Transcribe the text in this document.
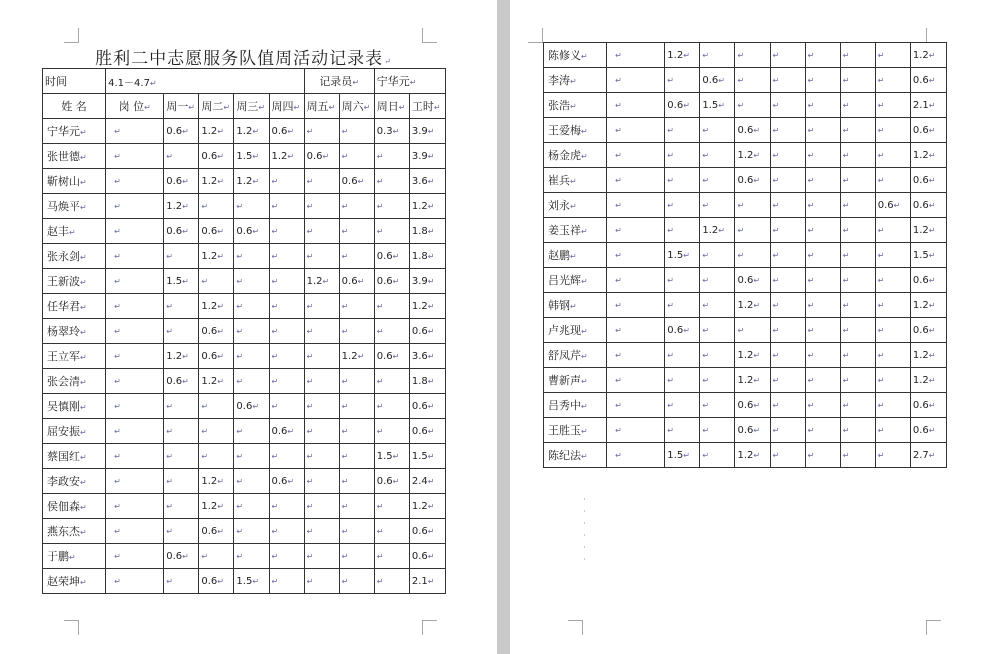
胜利二中志愿服务队值周活动记录表↵
时间	4.1－4.7↵					记录员↵		宁华元↵	
姓 名	岗 位↵	周一↵	周二↵	周三↵	周四↵	周五↵	周六↵	周日↵	工时↵
宁华元↵	↵	0.6↵	1.2↵	1.2↵	0.6↵	↵	↵	0.3↵	3.9↵
张世德↵	↵	↵	0.6↵	1.5↵	1.2↵	0.6↵	↵	↵	3.9↵
靳树山↵	↵	0.6↵	1.2↵	1.2↵	↵	↵	0.6↵	↵	3.6↵
马焕平↵	↵	1.2↵	↵	↵	↵	↵	↵	↵	1.2↵
赵丰↵	↵	0.6↵	0.6↵	0.6↵	↵	↵	↵	↵	1.8↵
张永剑↵	↵	↵	1.2↵	↵	↵	↵	↵	0.6↵	1.8↵
王新波↵	↵	1.5↵	↵	↵	↵	1.2↵	0.6↵	0.6↵	3.9↵
任华君↵	↵	↵	1.2↵	↵	↵	↵	↵	↵	1.2↵
杨翠玲↵	↵	↵	0.6↵	↵	↵	↵	↵	↵	0.6↵
王立军↵	↵	1.2↵	0.6↵	↵	↵	↵	1.2↵	0.6↵	3.6↵
张会清↵	↵	0.6↵	1.2↵	↵	↵	↵	↵	↵	1.8↵
吴慎刚↵	↵	↵	↵	0.6↵	↵	↵	↵	↵	0.6↵
屈安振↵	↵	↵	↵	↵	0.6↵	↵	↵	↵	0.6↵
蔡国红↵	↵	↵	↵	↵	↵	↵	↵	1.5↵	1.5↵
李政安↵	↵	↵	1.2↵	↵	0.6↵	↵	↵	0.6↵	2.4↵
侯佃森↵	↵	↵	1.2↵	↵	↵	↵	↵	↵	1.2↵
燕东杰↵	↵	↵	0.6↵	↵	↵	↵	↵	↵	0.6↵
于鹏↵	↵	0.6↵	↵	↵	↵	↵	↵	↵	0.6↵
赵荣坤↵	↵	↵	0.6↵	1.5↵	↵	↵	↵	↵	2.1↵
陈修义↵	↵	1.2↵	↵	↵	↵	↵	↵	↵	1.2↵
李涛↵	↵	↵	0.6↵	↵	↵	↵	↵	↵	0.6↵
张浩↵	↵	0.6↵	1.5↵	↵	↵	↵	↵	↵	2.1↵
王爱梅↵	↵	↵	↵	0.6↵	↵	↵	↵	↵	0.6↵
杨金虎↵	↵	↵	↵	1.2↵	↵	↵	↵	↵	1.2↵
崔兵↵	↵	↵	↵	0.6↵	↵	↵	↵	↵	0.6↵
刘永↵	↵	↵	↵	↵	↵	↵	↵	0.6↵	0.6↵
姜玉祥↵	↵	↵	1.2↵	↵	↵	↵	↵	↵	1.2↵
赵鹏↵	↵	1.5↵	↵	↵	↵	↵	↵	↵	1.5↵
吕光辉↵	↵	↵	↵	0.6↵	↵	↵	↵	↵	0.6↵
韩钢↵	↵	↵	↵	1.2↵	↵	↵	↵	↵	1.2↵
卢兆现↵	↵	0.6↵	↵	↵	↵	↵	↵	↵	0.6↵
舒凤芹↵	↵	↵	↵	1.2↵	↵	↵	↵	↵	1.2↵
曹新声↵	↵	↵	↵	1.2↵	↵	↵	↵	↵	1.2↵
吕秀中↵	↵	↵	↵	0.6↵	↵	↵	↵	↵	0.6↵
王胜玉↵	↵	↵	↵	0.6↵	↵	↵	↵	↵	0.6↵
陈纪法↵	↵	1.5↵	↵	1.2↵	↵	↵	↵	↵	2.7↵
·
·
·
·
·
·
